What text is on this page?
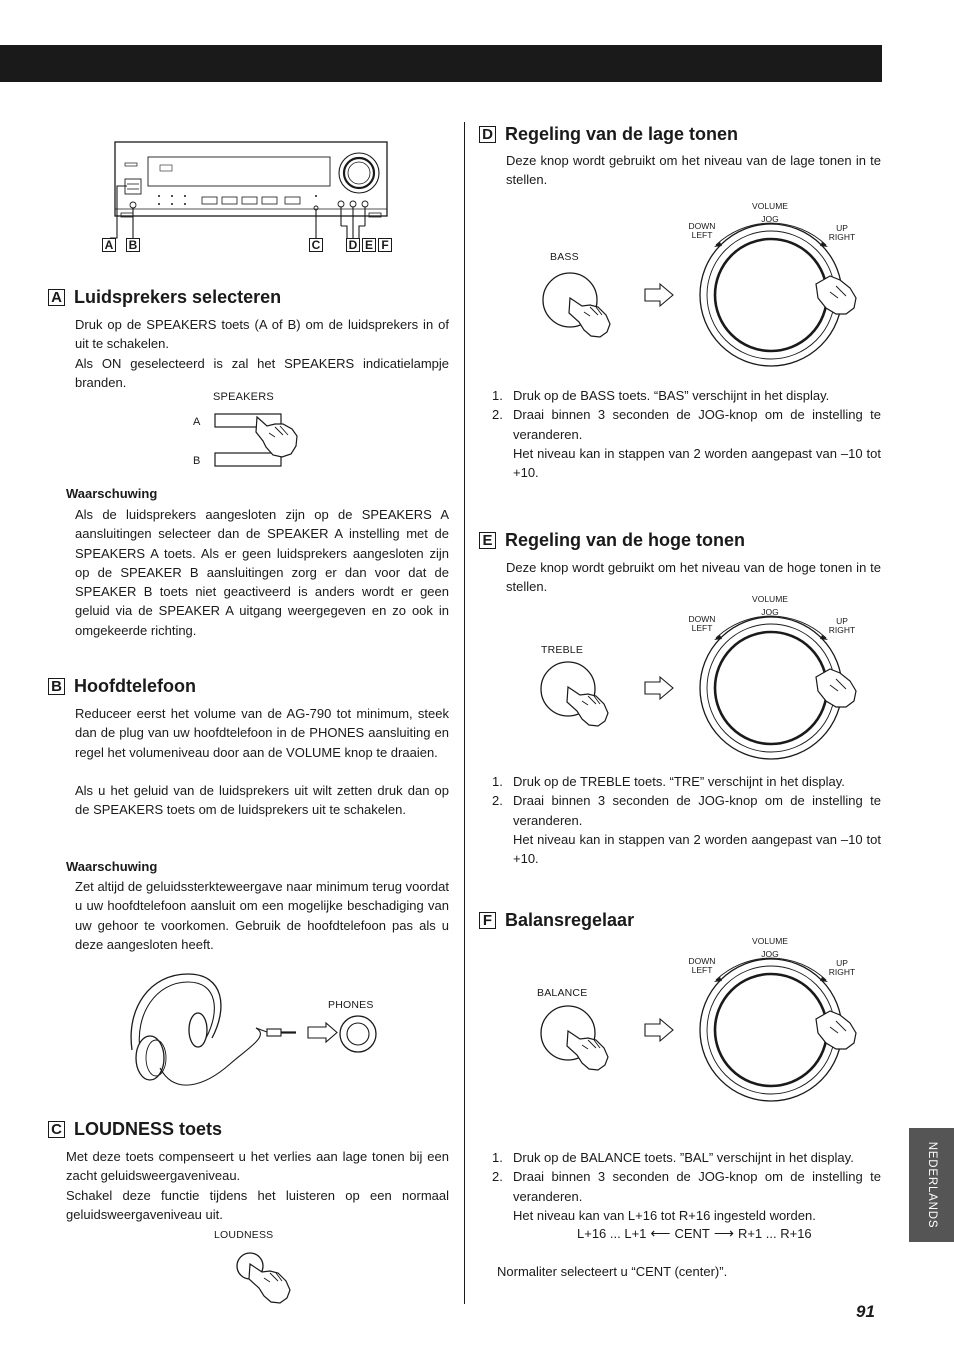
A B	C D E F
A Luidsprekers selecteren

Druk op de SPEAKERS toets (A of B) om de luidsprekers in of uit te schakelen.
Als ON geselecteerd is zal het SPEAKERS indicatielampje branden.

SPEAKERS
A
B
Waarschuwing

Als de luidsprekers aangesloten zijn op de SPEAKERS A aansluitingen selecteer dan de SPEAKER A instelling met de SPEAKERS A toets. Als er geen luidsprekers aangesloten zijn op de SPEAKER B aansluitingen zorg er dan voor dat de SPEAKER B toets niet geactiveerd is anders wordt er geen geluid via de SPEAKER A uitgang weergegeven en zo ook in omgekeerde richting.

B Hoofdtelefoon

Reduceer eerst het volume van de AG-790 tot minimum, steek dan de plug van uw hoofdtelefoon in de PHONES aansluiting en regel het volumeniveau door aan de VOLUME knop te draaien.

Als u het geluid van de luidsprekers uit wilt zetten druk dan op de SPEAKERS toets om de luidsprekers uit te schakelen.

Waarschuwing

Zet altijd de geluidssterkteweergave naar minimum terug voordat u uw hoofdtelefoon aansluit om een mogelijke beschadiging van uw gehoor te voorkomen. Gebruik de hoofdtelefoon pas als u deze aangesloten heeft.

PHONES
C LOUDNESS toets

Met deze toets compenseert u het verlies aan lage tonen bij een zacht geluidsweergaveniveau.
Schakel deze functie tijdens het luisteren op een normaal geluidsweergaveniveau uit.

LOUDNESS
D Regeling van de lage tonen

Deze knop wordt gebruikt om het niveau van de lage tonen in te stellen.

BASS
VOLUME
JOG
DOWN
LEFT
UP
RIGHT
1. Druk op de BASS toets. “BAS” verschijnt in het display.
2. Draai binnen 3 seconden de JOG-knop om de instelling te veranderen.
Het niveau kan in stappen van 2 worden aangepast van –10 tot +10.
E Regeling van de hoge tonen

Deze knop wordt gebruikt om het niveau van de hoge tonen in te stellen.

TREBLE
VOLUME
JOG
DOWN
LEFT
UP
RIGHT
1. Druk op de TREBLE toets. “TRE” verschijnt in het display.
2. Draai binnen 3 seconden de JOG-knop om de instelling te veranderen.
Het niveau kan in stappen van 2 worden aangepast van –10 tot +10.
F Balansregelaar
BALANCE
VOLUME
JOG
DOWN
LEFT
UP
RIGHT
1. Druk op de BALANCE toets. ”BAL” verschijnt in het display.
2. Draai binnen 3 seconden de JOG-knop om de instelling te veranderen.
Het niveau kan van L+16 tot R+16 ingesteld worden.
L+16 ... L+1 ⟵ CENT ⟶ R+1 ... R+16
Normaliter selecteert u “CENT (center)”.
NEDERLANDS
91
